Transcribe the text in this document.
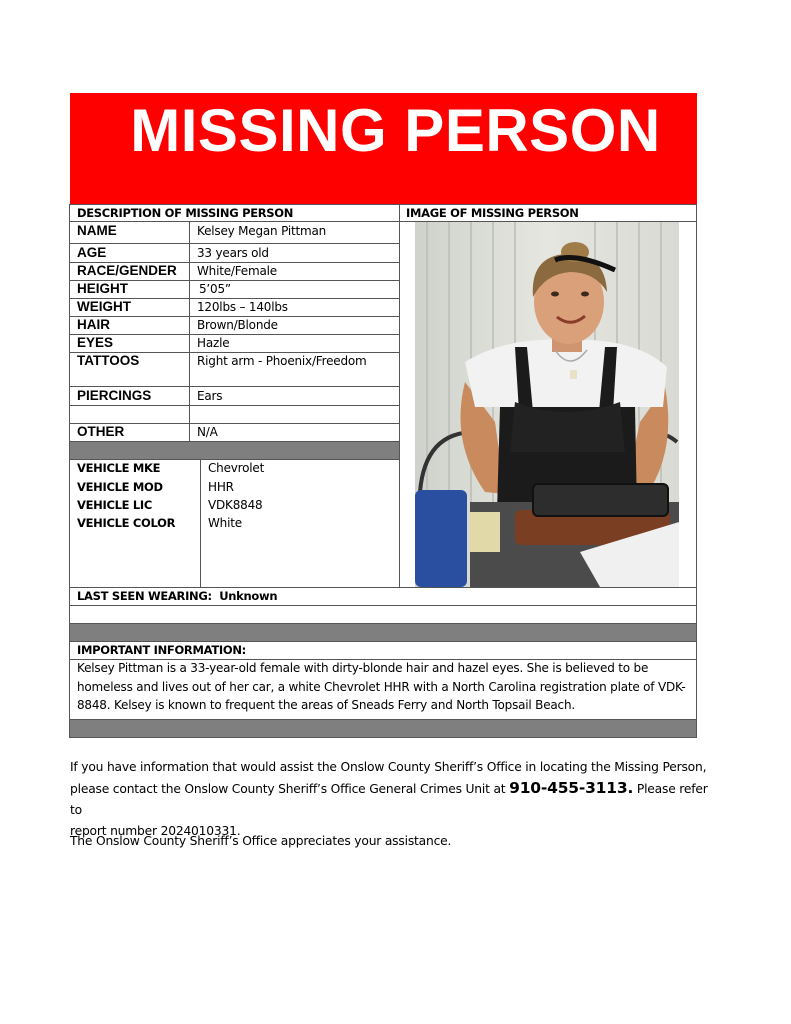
MISSING PERSON
DESCRIPTION OF MISSING PERSON	IMAGE OF MISSING PERSON
NAME	Kelsey Megan Pittman
AGE	33 years old
RACE/GENDER White/Female
HEIGHT	5’05”
WEIGHT	120lbs – 140lbs
HAIR	Brown/Blonde
EYES	Hazle
TATTOOS	Right arm - Phoenix/Freedom
PIERCINGS	Ears
OTHER	N/A
VEHICLE MKE	Chevrolet
VEHICLE MOD	HHR
VEHICLE LIC	VDK8848
VEHICLE COLOR	White
LAST SEEN WEARING: Unknown
IMPORTANT INFORMATION:
Kelsey Pittman is a 33-year-old female with dirty-blonde hair and hazel eyes. She is believed to be
homeless and lives out of her car, a white Chevrolet HHR with a North Carolina registration plate of VDK-
8848. Kelsey is known to frequent the areas of Sneads Ferry and North Topsail Beach.
If you have information that would assist the Onslow County Sheriff’s Office in locating the Missing Person,
please contact the Onslow County Sheriff’s Office General Crimes Unit at 910-455-3113. Please refer to
report number 2024010331.
The Onslow County Sheriff’s Office appreciates your assistance.
